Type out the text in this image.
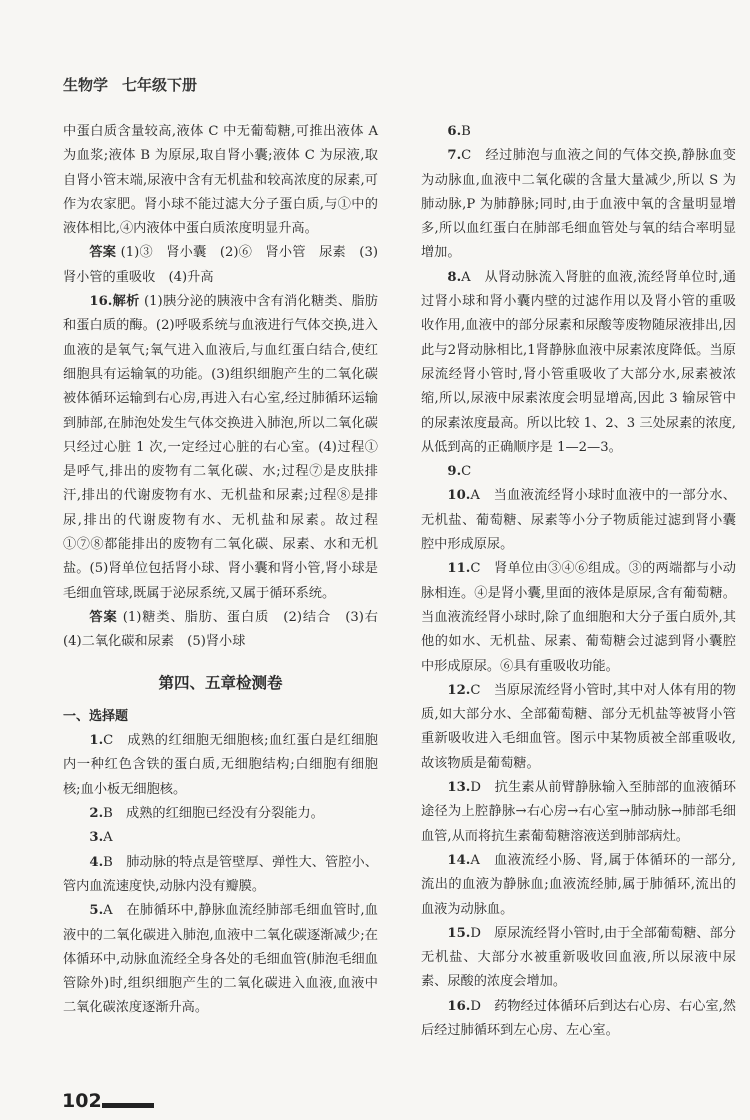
生物学 七年级下册

中蛋白质含量较高,液体 C 中无葡萄糖,可推出液体 A 为血浆;液体 B 为原尿,取自肾小囊;液体 C 为尿液,取自肾小管末端,尿液中含有无机盐和较高浓度的尿素,可作为农家肥。肾小球不能过滤大分子蛋白质,与①中的液体相比,④内液体中蛋白质浓度明显升高。

答案 (1)③　肾小囊　(2)⑥　肾小管　尿素　(3)肾小管的重吸收　(4)升高

16.解析 (1)胰分泌的胰液中含有消化糖类、脂肪和蛋白质的酶。(2)呼吸系统与血液进行气体交换,进入血液的是氧气;氧气进入血液后,与血红蛋白结合,使红细胞具有运输氧的功能。(3)组织细胞产生的二氧化碳被体循环运输到右心房,再进入右心室,经过肺循环运输到肺部,在肺泡处发生气体交换进入肺泡,所以二氧化碳只经过心脏 1 次,一定经过心脏的右心室。(4)过程①是呼气,排出的废物有二氧化碳、水;过程⑦是皮肤排汗,排出的代谢废物有水、无机盐和尿素;过程⑧是排尿,排出的代谢废物有水、无机盐和尿素。故过程①⑦⑧都能排出的废物有二氧化碳、尿素、水和无机盐。(5)肾单位包括肾小球、肾小囊和肾小管,肾小球是毛细血管球,既属于泌尿系统,又属于循环系统。

答案 (1)糖类、脂肪、蛋白质　(2)结合　(3)右　(4)二氧化碳和尿素　(5)肾小球

第四、五章检测卷
一、选择题

1.C　成熟的红细胞无细胞核;血红蛋白是红细胞内一种红色含铁的蛋白质,无细胞结构;白细胞有细胞核;血小板无细胞核。

2.B　成熟的红细胞已经没有分裂能力。

3.A

4.B　肺动脉的特点是管壁厚、弹性大、管腔小、管内血流速度快,动脉内没有瓣膜。

5.A　在肺循环中,静脉血流经肺部毛细血管时,血液中的二氧化碳进入肺泡,血液中二氧化碳逐渐减少;在体循环中,动脉血流经全身各处的毛细血管(肺泡毛细血管除外)时,组织细胞产生的二氧化碳进入血液,血液中二氧化碳浓度逐渐升高。

6.B

7.C　经过肺泡与血液之间的气体交换,静脉血变为动脉血,血液中二氧化碳的含量大量减少,所以 S 为肺动脉,P 为肺静脉;同时,由于血液中氧的含量明显增多,所以血红蛋白在肺部毛细血管处与氧的结合率明显增加。

8.A　从肾动脉流入肾脏的血液,流经肾单位时,通过肾小球和肾小囊内壁的过滤作用以及肾小管的重吸收作用,血液中的部分尿素和尿酸等废物随尿液排出,因此与2肾动脉相比,1肾静脉血液中尿素浓度降低。当原尿流经肾小管时,肾小管重吸收了大部分水,尿素被浓缩,所以,尿液中尿素浓度会明显增高,因此 3 输尿管中的尿素浓度最高。所以比较 1、2、3 三处尿素的浓度,从低到高的正确顺序是 1—2—3。

9.C

10.A　当血液流经肾小球时血液中的一部分水、无机盐、葡萄糖、尿素等小分子物质能过滤到肾小囊腔中形成原尿。

11.C　肾单位由③④⑥组成。③的两端都与小动脉相连。④是肾小囊,里面的液体是原尿,含有葡萄糖。当血液流经肾小球时,除了血细胞和大分子蛋白质外,其他的如水、无机盐、尿素、葡萄糖会过滤到肾小囊腔中形成原尿。⑥具有重吸收功能。

12.C　当原尿流经肾小管时,其中对人体有用的物质,如大部分水、全部葡萄糖、部分无机盐等被肾小管重新吸收进入毛细血管。图示中某物质被全部重吸收,故该物质是葡萄糖。

13.D　抗生素从前臂静脉输入至肺部的血液循环途径为上腔静脉→右心房→右心室→肺动脉→肺部毛细血管,从而将抗生素葡萄糖溶液送到肺部病灶。

14.A　血液流经小肠、肾,属于体循环的一部分,流出的血液为静脉血;血液流经肺,属于肺循环,流出的血液为动脉血。

15.D　原尿流经肾小管时,由于全部葡萄糖、部分无机盐、大部分水被重新吸收回血液,所以尿液中尿素、尿酸的浓度会增加。

16.D　药物经过体循环后到达右心房、右心室,然后经过肺循环到左心房、左心室。

102
